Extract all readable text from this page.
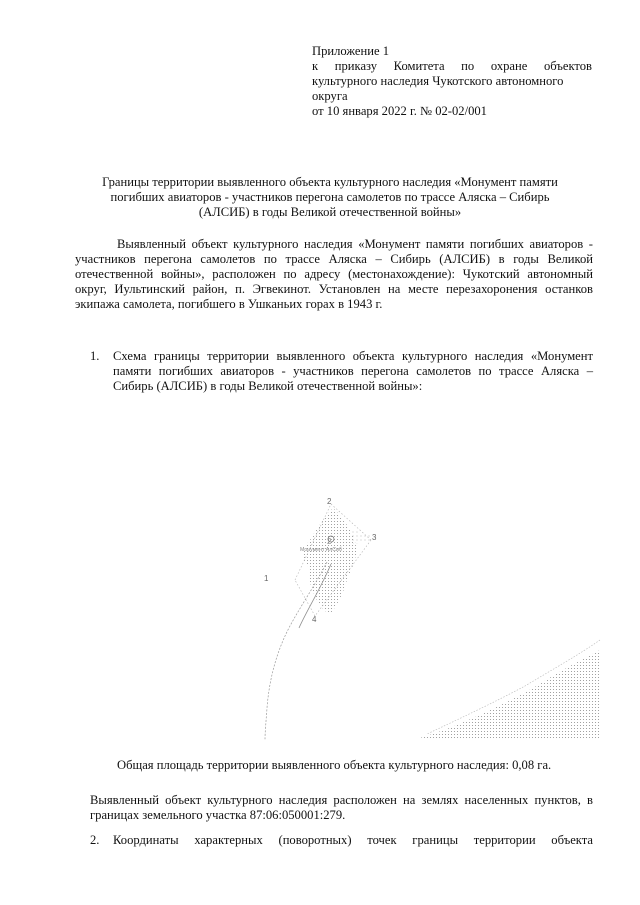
Приложение 1
к приказу Комитета по охране объектов
культурного наследия Чукотского автономного
округа
от 10 января 2022 г. № 02-02/001
Границы территории выявленного объекта культурного наследия «Монумент памяти погибших авиаторов - участников перегона самолетов по трассе Аляска – Сибирь (АЛСИБ) в годы Великой отечественной войны»
Выявленный объект культурного наследия «Монумент памяти погибших авиаторов - участников перегона самолетов по трассе Аляска – Сибирь (АЛСИБ) в годы Великой отечественной войны», расположен по адресу (местонахождение): Чукотский автономный округ, Иультинский район, п. Эгвекинот. Установлен на месте перезахоронения останков экипажа самолета, погибшего в Ушканьих горах в 1943 г.
1. Схема границы территории выявленного объекта культурного наследия «Монумент памяти погибших авиаторов - участников перегона самолетов по трассе Аляска – Сибирь (АЛСИБ) в годы Великой отечественной войны»:
2
Монумент АлСиб
2
3
1
4
Общая площадь территории выявленного объекта культурного наследия: 0,08 га.
Выявленный объект культурного наследия расположен на землях населенных пунктов, в границах земельного участка 87:06:050001:279.
2. Координаты характерных (поворотных) точек границы территории объекта
